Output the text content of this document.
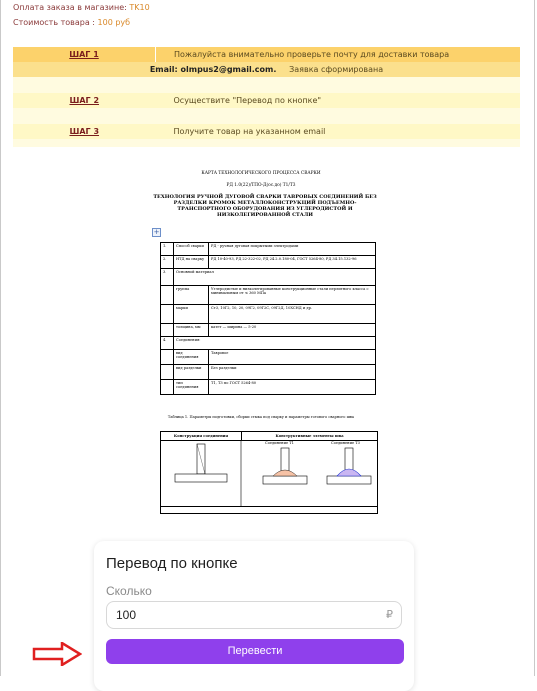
Оплата заказа в магазине: TK10
Стоимость товара : 100 руб
ШАГ 1	Пожалуйста внимательно проверьте почту для доставки товара
Email: olmpus2@gmail.com. Заявка сформирована	

ШАГ 2	Осуществите "Перевод по кнопке"

ШАГ 3	Получите товар на указанном email

КАРТА ТЕХНОЛОГИЧЕСКОГО ПРОЦЕССА СВАРКИ
РД 1.0(22)/ТПО-Д(ос.до) Т1/Т3
ТЕХНОЛОГИЯ РУЧНОЙ ДУГОВОЙ СВАРКИ ТАВРОВЫХ СОЕДИНЕНИЙ БЕЗ РАЗДЕЛКИ КРОМОК МЕТАЛЛОКОНСТРУКЦИЙ ПОДЪЕМНО-ТРАНСПОРТНОГО ОБОРУДОВАНИЯ ИЗ УГЛЕРОДИСТОЙ И НИЗКОЛЕГИРОВАННОЙ СТАЛИ
1.	Способ сварки	РД - ручная дуговая покрытыми электродами
2.	НТД на сварку	РД 10-40-93, РД 22-322-02, РД 24.2.0.180-04, ГОСТ 5264-80, РД 34.15.132-96
3.	Основной материал	
	группа	Углеродистые и низколегированные конструкционные стали перлитного класса с минимальным σт ≤ 360 МПа
	марки	Ст3, 10Г2, 10, 20, 09Г2, 09Г2С, 09Г2Д, 10ХСНД и др.
	толщина, мм	катет — ширина — 5-20
4.	Соединения:	
	вид соединения	Тавровое
	вид разделки	Без разделки
	тип соединения	Т1, Т3 по ГОСТ 5264-80
Таблица 1. Параметры подготовки, сборки стыка под сварку и параметры готового сварного шва
Конструкция соединения	Конструктивные элементы шва
Соединение Т1	Соединение Т3
+
Перевод по кнопке
Сколько
100	₽
Перевести
